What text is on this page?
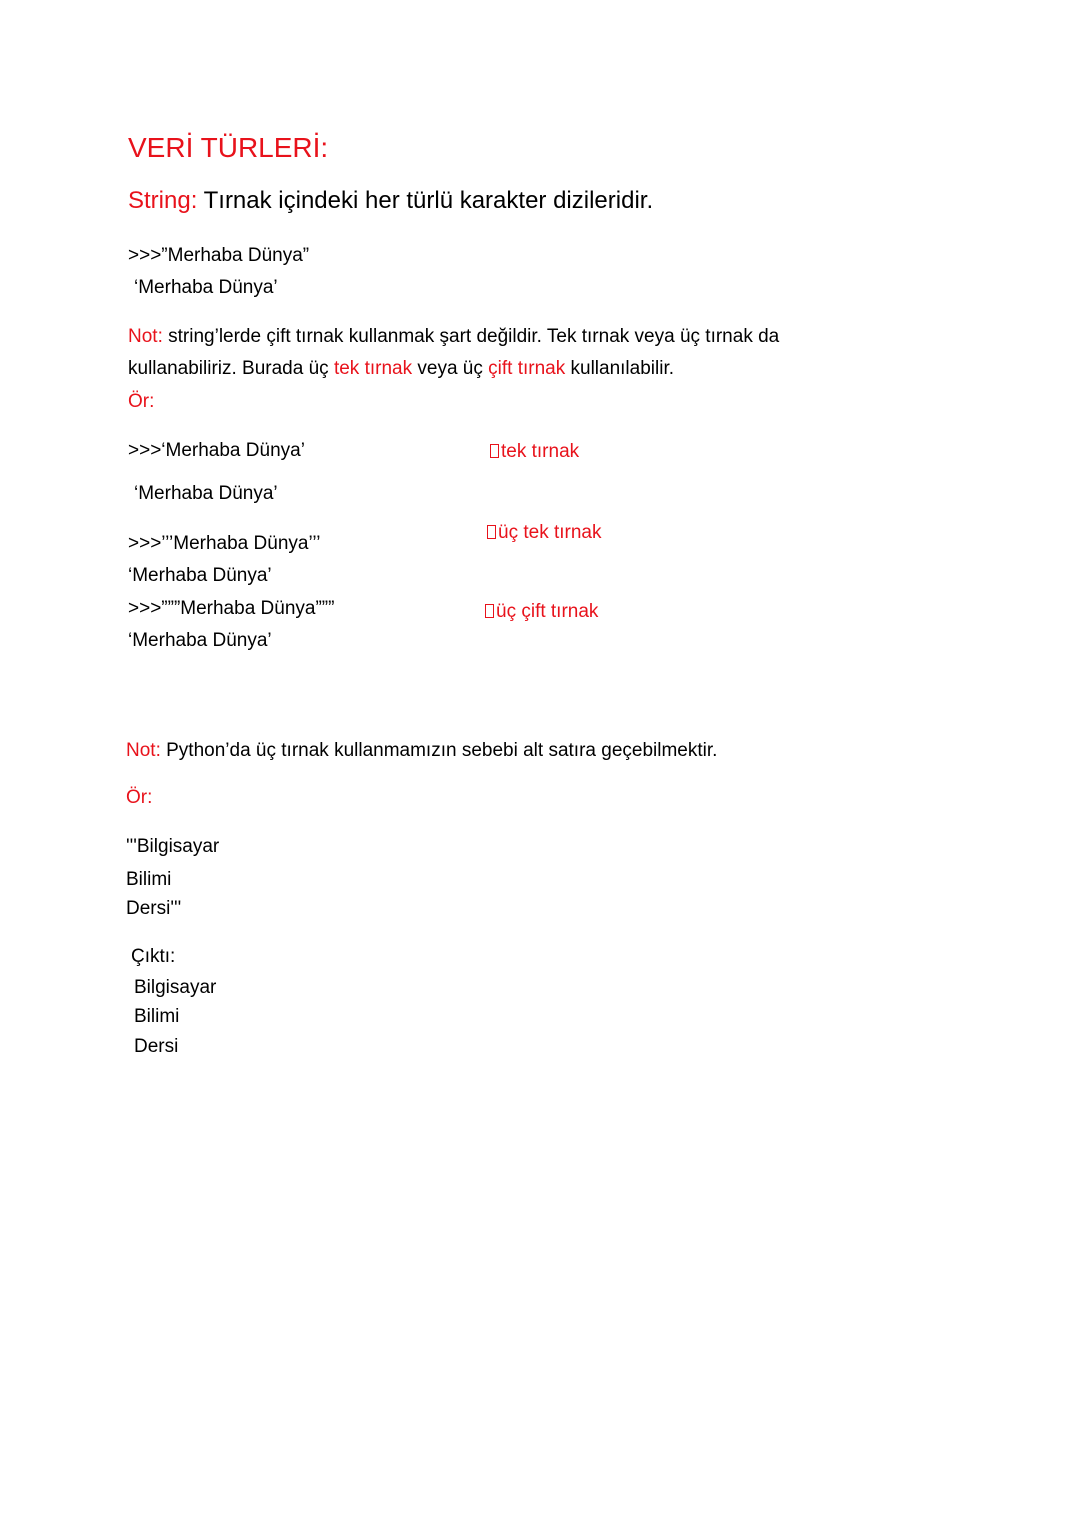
VERİ TÜRLERİ:
String: Tırnak içindeki her türlü karakter dizileridir.
>>>”Merhaba Dünya”
‘Merhaba Dünya’
Not: string’lerde çift tırnak kullanmak şart değildir. Tek tırnak veya üç tırnak da
kullanabiliriz. Burada üç tek tırnak veya üç çift tırnak kullanılabilir.
Ör:
>>>‘Merhaba Dünya’	tek tırnak
‘Merhaba Dünya’
>>>’’’Merhaba Dünya’’’
üç tek tırnak
‘Merhaba Dünya’
>>>”””Merhaba Dünya”””	üç çift tırnak
‘Merhaba Dünya’
Not: Python’da üç tırnak kullanmamızın sebebi alt satıra geçebilmektir.
Ör:
'''Bilgisayar
Bilimi
Dersi'''
Çıktı:
Bilgisayar
Bilimi
Dersi
